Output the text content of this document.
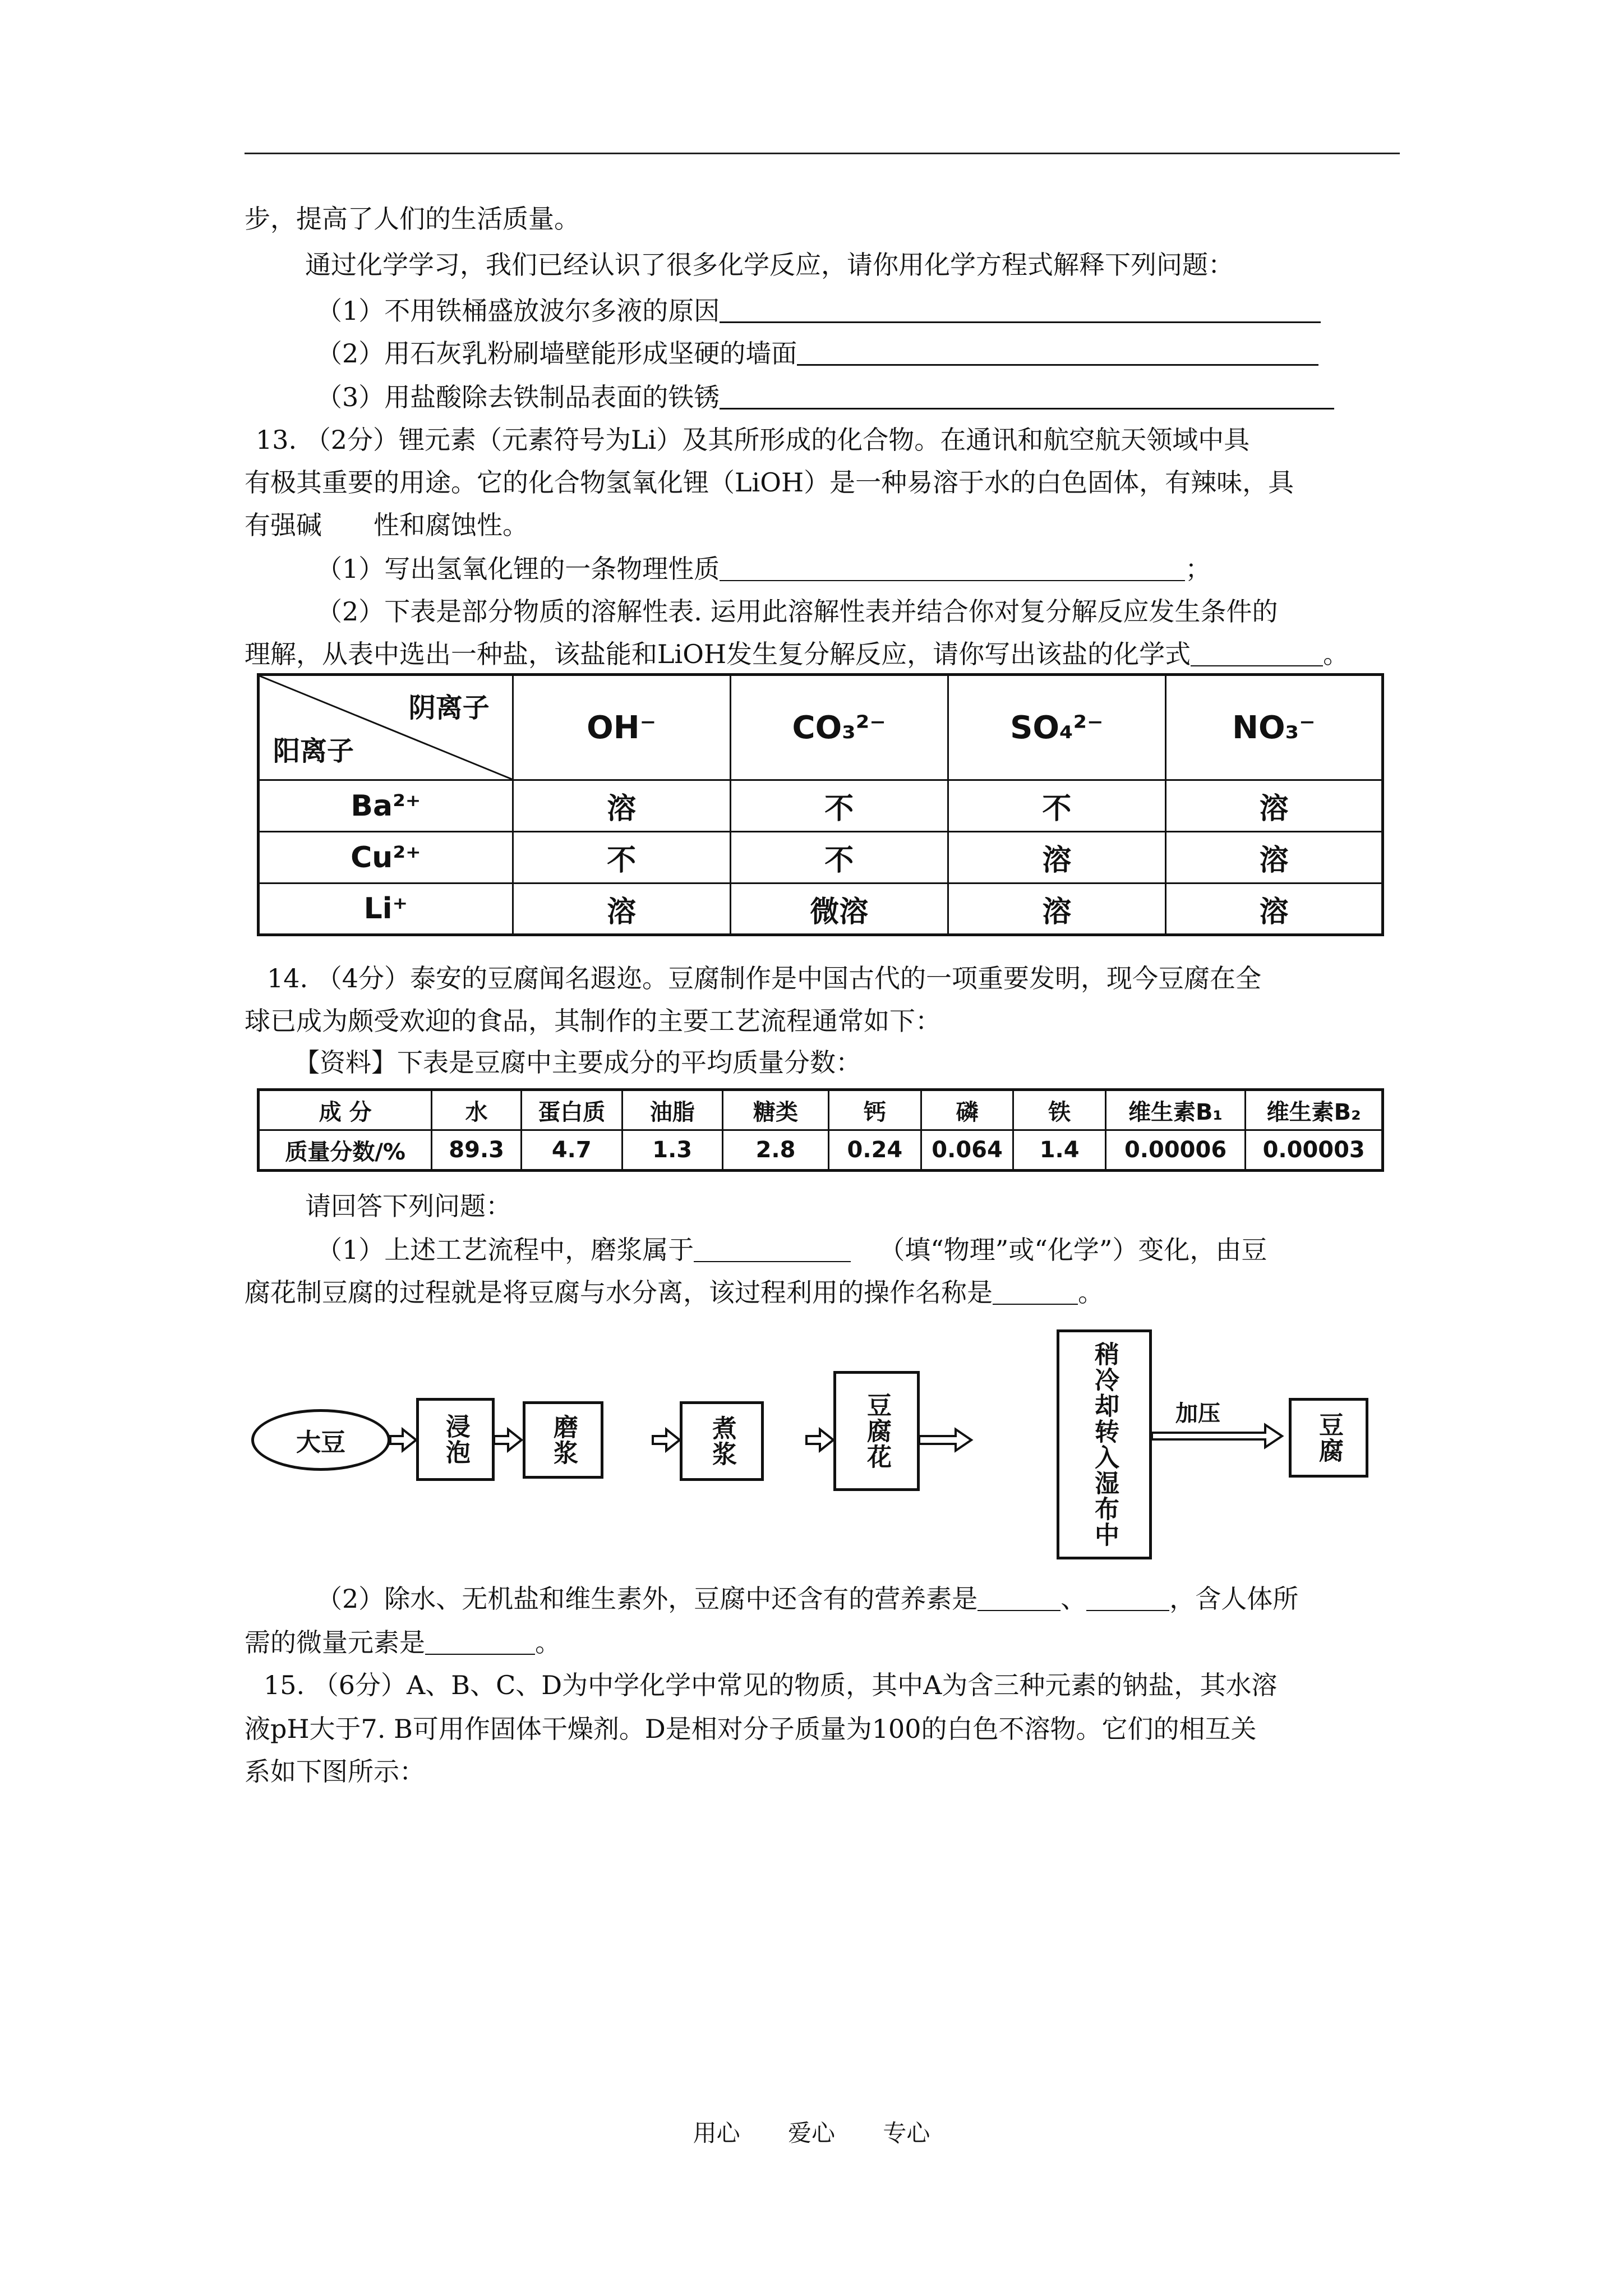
步，提高了人们的生活质量。
通过化学学习，我们已经认识了很多化学反应，请你用化学方程式解释下列问题：
（1）不用铁桶盛放波尔多液的原因
（2）用石灰乳粉刷墙壁能形成坚硬的墙面
（3）用盐酸除去铁制品表面的铁锈
13. （2分）锂元素（元素符号为Li）及其所形成的化合物。在通讯和航空航天领域中具
有极其重要的用途。它的化合物氢氧化锂（LiOH）是一种易溶于水的白色固体，有辣味，具
有强碱　　性和腐蚀性。
（1）写出氢氧化锂的一条物理性质	；
（2）下表是部分物质的溶解性表. 运用此溶解性表并结合你对复分解反应发生条件的
理解，从表中选出一种盐，该盐能和LiOH发生复分解反应，请你写出该盐的化学式	。
阴离子
阳离子	OH⁻	CO₃²⁻	SO₄²⁻	NO₃⁻
Ba²⁺	溶	不	不	溶
Cu²⁺	不	不	溶	溶
Li⁺	溶	微溶	溶	溶
14. （4分）泰安的豆腐闻名遐迩。豆腐制作是中国古代的一项重要发明，现今豆腐在全
球已成为颇受欢迎的食品，其制作的主要工艺流程通常如下：
【资料】下表是豆腐中主要成分的平均质量分数：
成 分	水	蛋白质	油脂	糖类	钙	磷	铁	维生素B₁	维生素B₂
质量分数/%	89.3	4.7	1.3	2.8	0.24	0.064	1.4	0.00006	0.00003
请回答下列问题：
（1）上述工艺流程中，磨浆属于	（填“物理”或“化学”）变化，由豆
腐花制豆腐的过程就是将豆腐与水分离，该过程利用的操作名称是	。
大豆	浸泡	磨浆	煮浆	豆腐花	稍冷却转入湿布中	加压	豆腐
（2）除水、无机盐和维生素外，豆腐中还含有的营养素是	、	，含人体所
需的微量元素是	。
15. （6分）A、B、C、D为中学化学中常见的物质，其中A为含三种元素的钠盐，其水溶
液pH大于7. B可用作固体干燥剂。D是相对分子质量为100的白色不溶物。它们的相互关
系如下图所示：
用心 爱心 专心
